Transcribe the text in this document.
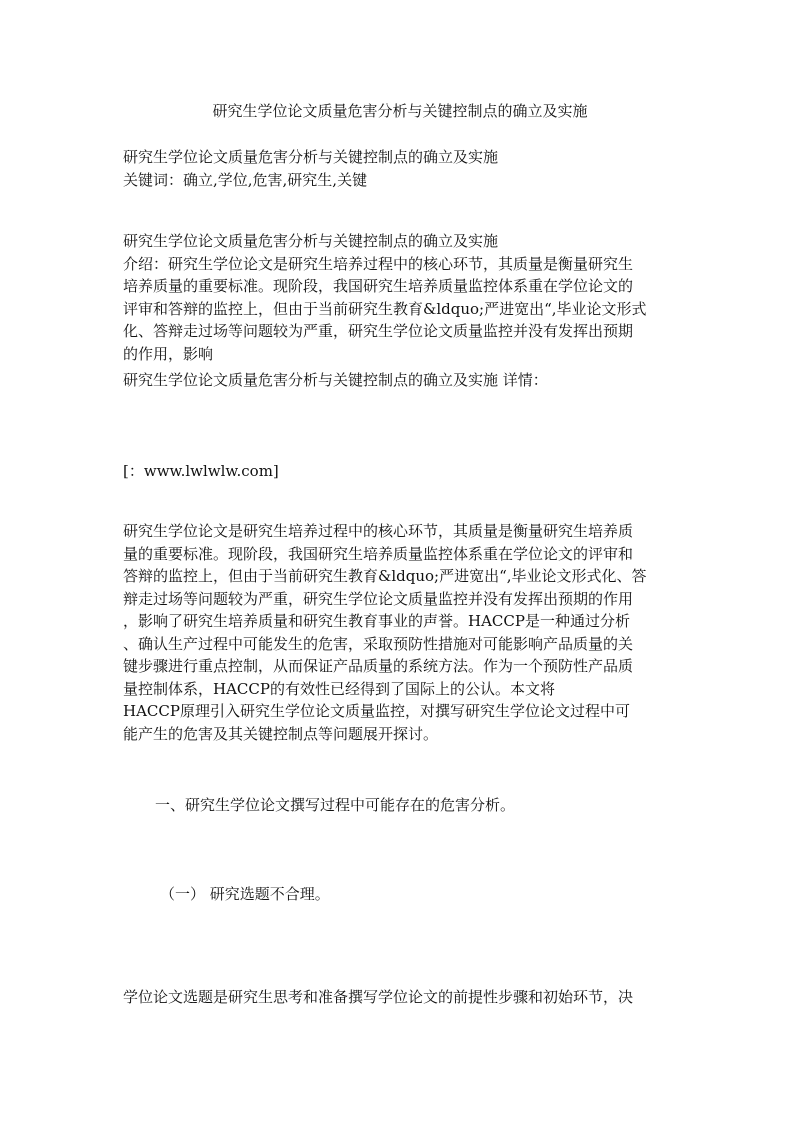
研究生学位论文质量危害分析与关键控制点的确立及实施
研究生学位论文质量危害分析与关键控制点的确立及实施
关键词：确立,学位,危害,研究生,关键
研究生学位论文质量危害分析与关键控制点的确立及实施
介绍：研究生学位论文是研究生培养过程中的核心环节，其质量是衡量研究生
培养质量的重要标准。现阶段，我国研究生培养质量监控体系重在学位论文的
评审和答辩的监控上，但由于当前研究生教育&ldquo;严进宽出“,毕业论文形式
化、答辩走过场等问题较为严重，研究生学位论文质量监控并没有发挥出预期
的作用，影响
研究生学位论文质量危害分析与关键控制点的确立及实施 详情：
[：www.lwlwlw.com]
研究生学位论文是研究生培养过程中的核心环节，其质量是衡量研究生培养质
量的重要标准。现阶段，我国研究生培养质量监控体系重在学位论文的评审和
答辩的监控上，但由于当前研究生教育&ldquo;严进宽出“,毕业论文形式化、答
辩走过场等问题较为严重，研究生学位论文质量监控并没有发挥出预期的作用
，影响了研究生培养质量和研究生教育事业的声誉。HACCP是一种通过分析
、确认生产过程中可能发生的危害，采取预防性措施对可能影响产品质量的关
键步骤进行重点控制，从而保证产品质量的系统方法。作为一个预防性产品质
量控制体系，HACCP的有效性已经得到了国际上的公认。本文将
HACCP原理引入研究生学位论文质量监控，对撰写研究生学位论文过程中可
能产生的危害及其关键控制点等问题展开探讨。
一、研究生学位论文撰写过程中可能存在的危害分析。
（一） 研究选题不合理。
学位论文选题是研究生思考和准备撰写学位论文的前提性步骤和初始环节，决
